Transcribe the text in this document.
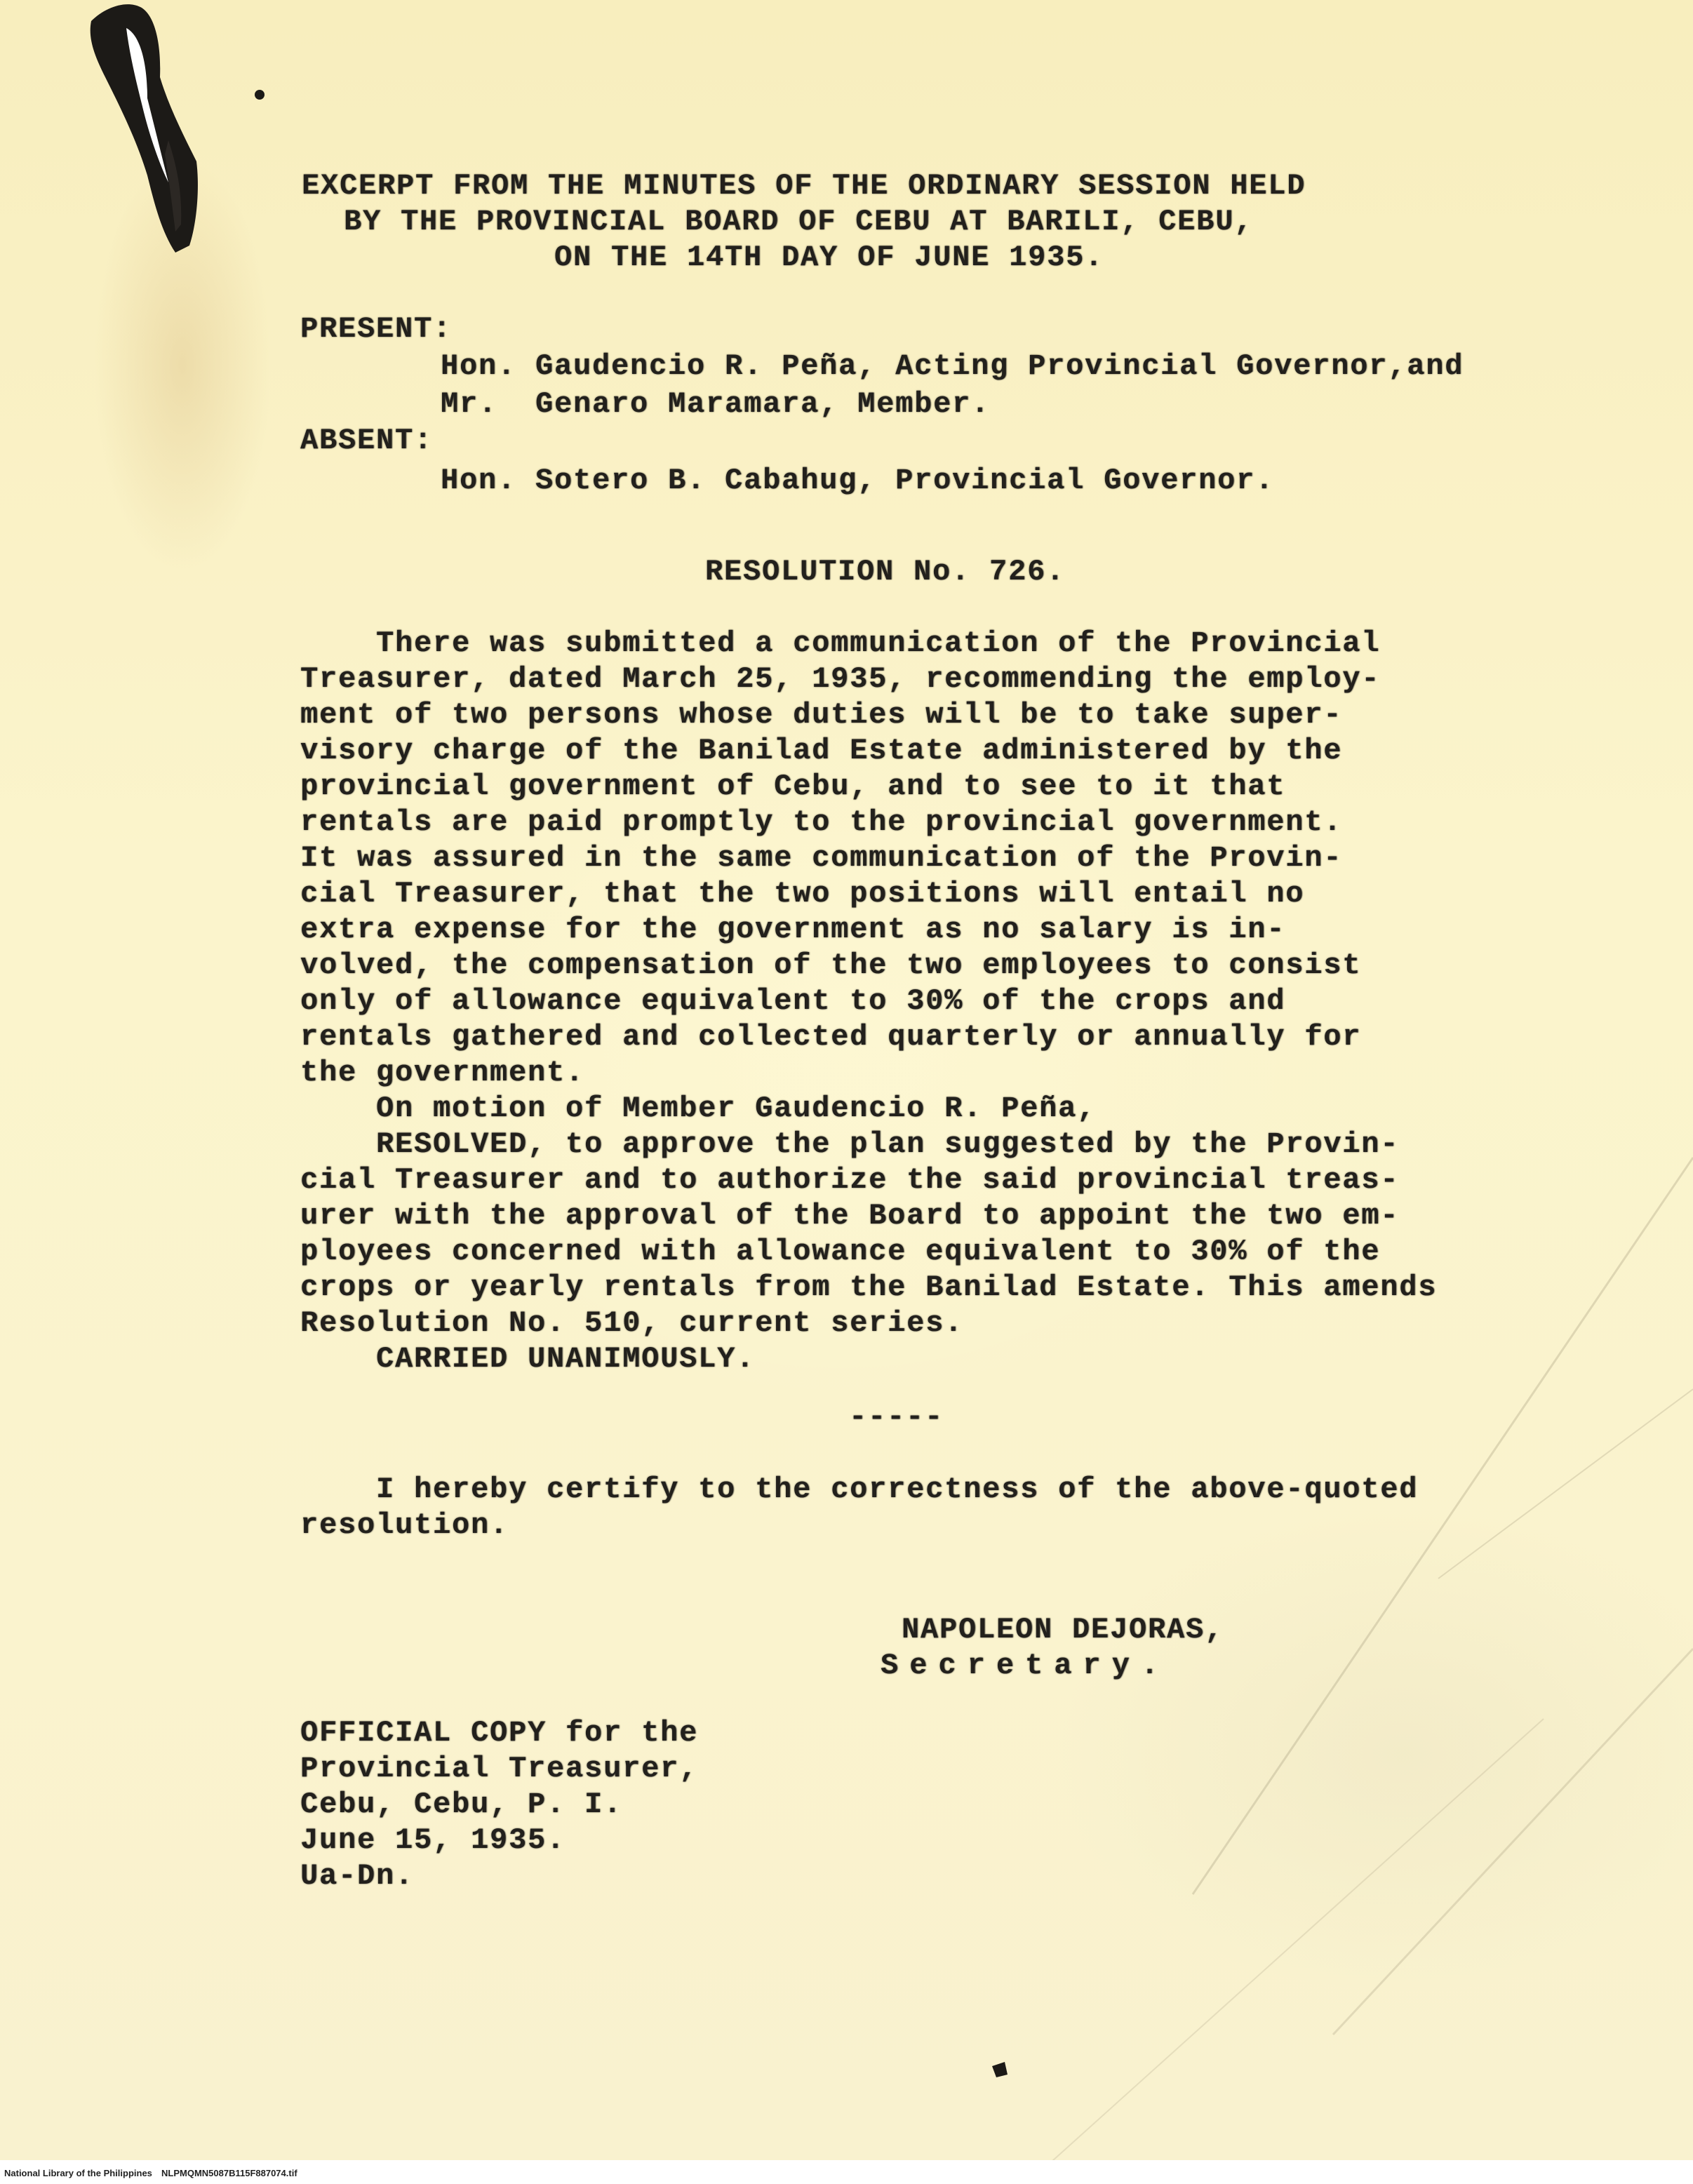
EXCERPT FROM THE MINUTES OF THE ORDINARY SESSION HELD
BY THE PROVINCIAL BOARD OF CEBU AT BARILI, CEBU,
ON THE 14TH DAY OF JUNE 1935.
PRESENT:
Hon. Gaudencio R. Peña, Acting Provincial Governor,and
Mr.  Genaro Maramara, Member.
ABSENT:
Hon. Sotero B. Cabahug, Provincial Governor.
RESOLUTION No. 726.
There was submitted a communication of the Provincial
Treasurer, dated March 25, 1935, recommending the employ-
ment of two persons whose duties will be to take super-
visory charge of the Banilad Estate administered by the
provincial government of Cebu, and to see to it that
rentals are paid promptly to the provincial government.
It was assured in the same communication of the Provin-
cial Treasurer, that the two positions will entail no
extra expense for the government as no salary is in-
volved, the compensation of the two employees to consist
only of allowance equivalent to 30% of the crops and
rentals gathered and collected quarterly or annually for
the government.
On motion of Member Gaudencio R. Peña,
RESOLVED, to approve the plan suggested by the Provin-
cial Treasurer and to authorize the said provincial treas-
urer with the approval of the Board to appoint the two em-
ployees concerned with allowance equivalent to 30% of the
crops or yearly rentals from the Banilad Estate. This amends
Resolution No. 510, current series.
CARRIED UNANIMOUSLY.
-----
I hereby certify to the correctness of the above-quoted
resolution.
NAPOLEON DEJORAS,
Secretary.
OFFICIAL COPY for the
Provincial Treasurer,
Cebu, Cebu, P. I.
June 15, 1935.
Ua-Dn.
National Library of the Philippines NLPMQMN5087B115F887074.tif
